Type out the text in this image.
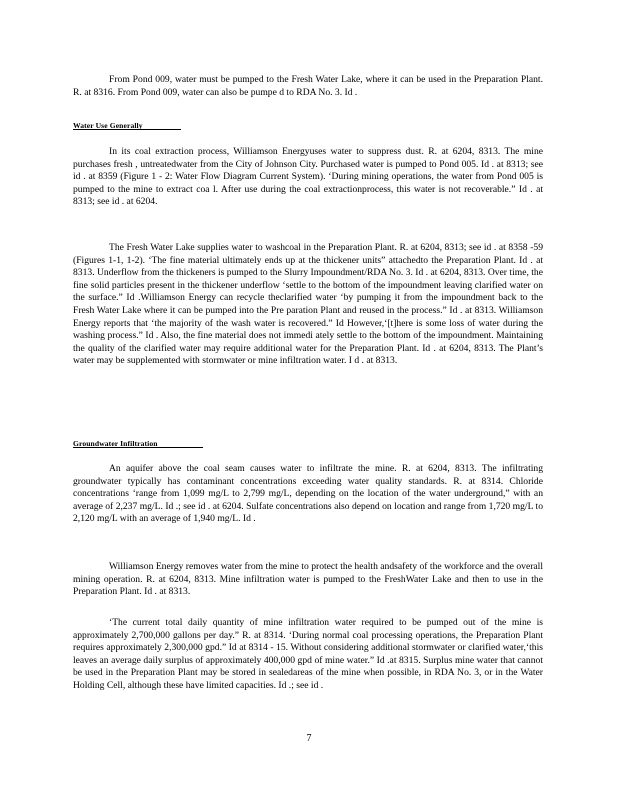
From Pond 009, water must be pumped to the Fresh Water Lake, where it can be used in the Preparation Plant. R. at 8316. From Pond 009, water can also be pumpe d to RDA No. 3. Id .

Water Use Generally

In its coal extraction process, Williamson Energyuses water to suppress dust. R. at 6204, 8313. The mine purchases fresh , untreatedwater from the City of Johnson City. Purchased water is pumped to Pond 005. Id . at 8313; see id . at 8359 (Figure 1 - 2: Water Flow Diagram Current System). ‘During mining operations, the water from Pond 005 is pumped to the mine to extract coa l. After use during the coal extractionprocess, this water is not recoverable.” Id . at 8313; see id . at 6204.

The Fresh Water Lake supplies water to washcoal in the Preparation Plant. R. at 6204, 8313; see id . at 8358 -59 (Figures 1-1, 1-2). ‘The fine material ultimately ends up at the thickener units” attachedto the Preparation Plant. Id . at 8313. Underflow from the thickeners is pumped to the Slurry Impoundment/RDA No. 3. Id . at 6204, 8313. Over time, the fine solid particles present in the thickener underflow ‘settle to the bottom of the impoundment leaving clarified water on the surface.” Id .Williamson Energy can recycle theclarified water ‘by pumping it from the impoundment back to the Fresh Water Lake where it can be pumped into the Pre paration Plant and reused in the process.” Id . at 8313. Williamson Energy reports that ‘the majority of the wash water is recovered.” Id However,‘[t]here is some loss of water during the washing process.” Id . Also, the fine material does not immedi ately settle to the bottom of the impoundment. Maintaining the quality of the clarified water may require additional water for the Preparation Plant. Id . at 6204, 8313. The Plant’s water may be supplemented with stormwater or mine infiltration water. I d . at 8313.

Groundwater Infiltration

An aquifer above the coal seam causes water to infiltrate the mine. R. at 6204, 8313. The infiltrating groundwater typically has contaminant concentrations exceeding water quality standards. R. at 8314. Chloride concentrations ‘range from 1,099 mg/L to 2,799 mg/L, depending on the location of the water underground,” with an average of 2,237 mg/L. Id .; see id . at 6204. Sulfate concentrations also depend on location and range from 1,720 mg/L to 2,120 mg/L with an average of 1,940 mg/L. Id .

Williamson Energy removes water from the mine to protect the health andsafety of the workforce and the overall mining operation. R. at 6204, 8313. Mine infiltration water is pumped to the FreshWater Lake and then to use in the Preparation Plant. Id . at 8313.

‘The current total daily quantity of mine infiltration water required to be pumped out of the mine is approximately 2,700,000 gallons per day.” R. at 8314. ‘During normal coal processing operations, the Preparation Plant requires approximately 2,300,000 gpd.” Id at 8314 - 15. Without considering additional stormwater or clarified water,‘this leaves an average daily surplus of approximately 400,000 gpd of mine water.” Id .at 8315. Surplus mine water that cannot be used in the Preparation Plant may be stored in sealedareas of the mine when possible, in RDA No. 3, or in the Water Holding Cell, although these have limited capacities. Id .; see id .

7
